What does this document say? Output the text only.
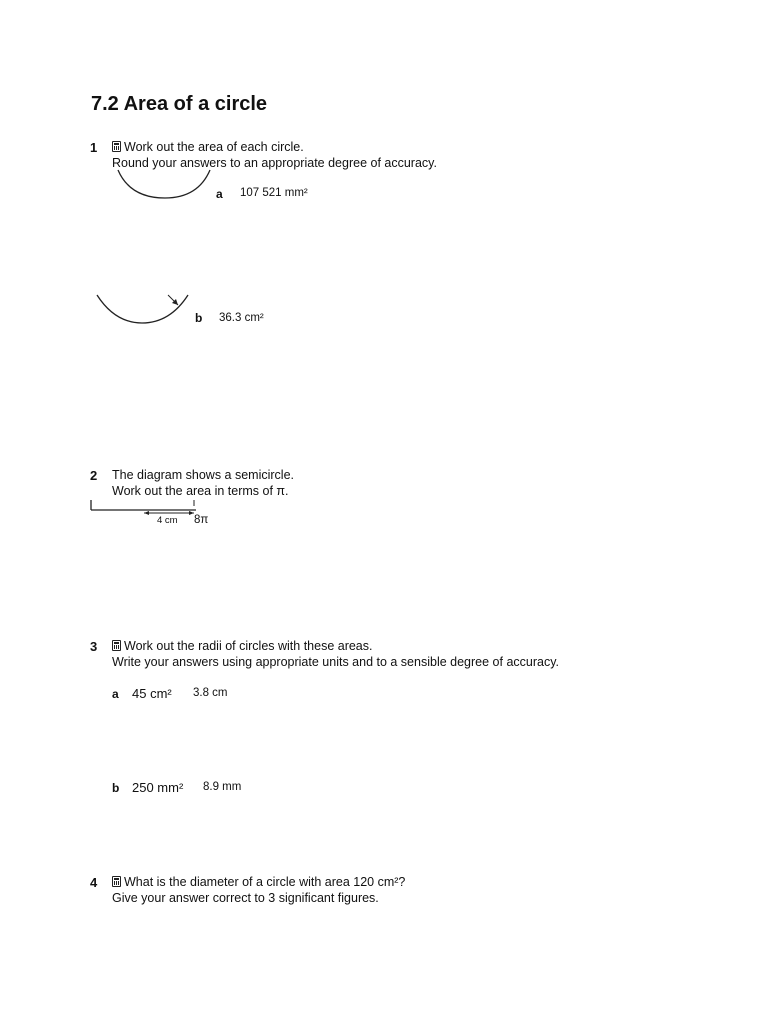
7.2 Area of a circle
1	Work out the area of each circle.
Round your answers to an appropriate degree of accuracy.
a 107 521 mm²
b 36.3 cm²
2 The diagram shows a semicircle.
Work out the area in terms of π.
4 cm 8π
3	Work out the radii of circles with these areas.
Write your answers using appropriate units and to a sensible degree of accuracy.
a 45 cm² 3.8 cm
b 250 mm² 8.9 mm
4	What is the diameter of a circle with area 120 cm²?
Give your answer correct to 3 significant figures.
